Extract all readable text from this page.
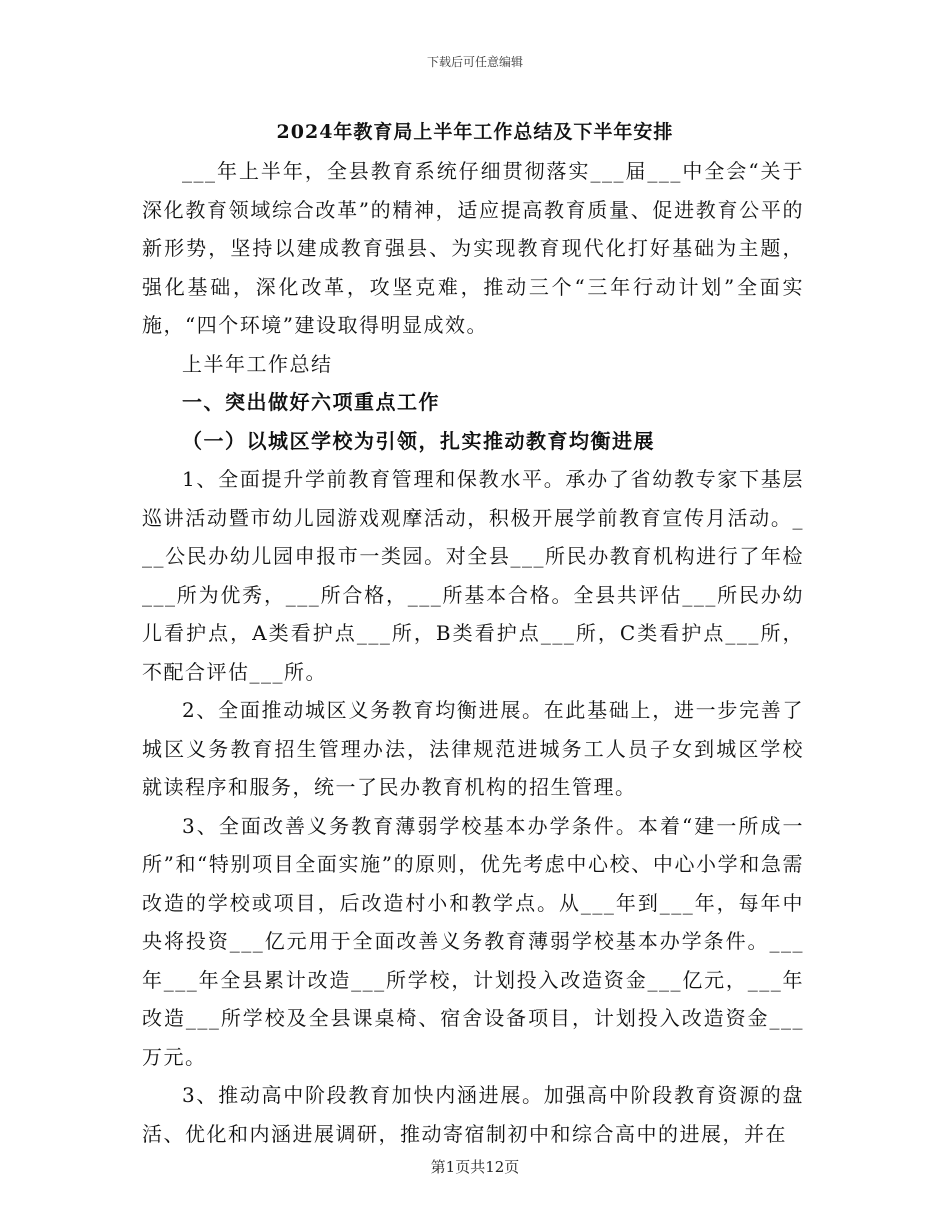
下载后可任意编辑
2024年教育局上半年工作总结及下半年安排

___年上半年，全县教育系统仔细贯彻落实___届___中全会“关于深化教育领域综合改革”的精神，适应提高教育质量、促进教育公平的新形势，坚持以建成教育强县、为实现教育现代化打好基础为主题，强化基础，深化改革，攻坚克难，推动三个“三年行动计划”全面实施，“四个环境”建设取得明显成效。

上半年工作总结

一、突出做好六项重点工作

（一）以城区学校为引领，扎实推动教育均衡进展

1、全面提升学前教育管理和保教水平。承办了省幼教专家下基层巡讲活动暨市幼儿园游戏观摩活动，积极开展学前教育宣传月活动。___公民办幼儿园申报市一类园。对全县___所民办教育机构进行了年检___所为优秀，___所合格，___所基本合格。全县共评估___所民办幼儿看护点，A类看护点___所，B类看护点___所，C类看护点___所，不配合评估___所。

2、全面推动城区义务教育均衡进展。在此基础上，进一步完善了城区义务教育招生管理办法，法律规范进城务工人员子女到城区学校就读程序和服务，统一了民办教育机构的招生管理。

3、全面改善义务教育薄弱学校基本办学条件。本着“建一所成一所”和“特别项目全面实施”的原则，优先考虑中心校、中心小学和急需改造的学校或项目，后改造村小和教学点。从___年到___年，每年中央将投资___亿元用于全面改善义务教育薄弱学校基本办学条件。___年___年全县累计改造___所学校，计划投入改造资金___亿元，___年改造___所学校及全县课桌椅、宿舍设备项目，计划投入改造资金___万元。

3、推动高中阶段教育加快内涵进展。加强高中阶段教育资源的盘活、优化和内涵进展调研，推动寄宿制初中和综合高中的进展，并在

第1页共12页
